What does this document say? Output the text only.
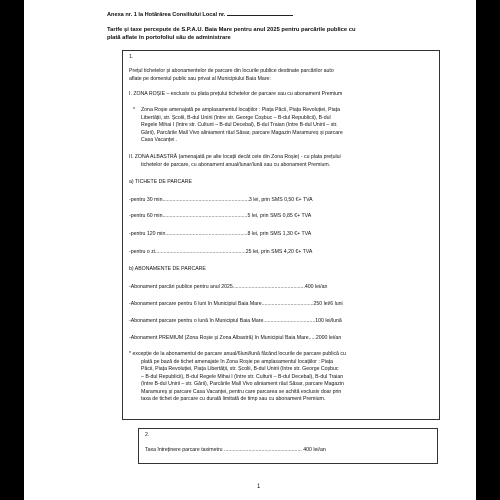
Anexa nr. 1 la Hotărârea Consiliului Local nr.
Tarife și taxe percepute de S.P.A.U. Baia Mare pentru anul 2025 pentru parcările publice cu
plată aflate în portofoliul său de administrare
1.
Prețul tichetelor și abonamentelor de parcare din locurile publice destinate parcărilor auto
aflate pe domeniul public sau privat al Municipiului Baia Mare:
I. ZONA ROȘIE – exclusiv cu plata prețului tichetelor de parcare sau cu abonament Premium
* Zona Roșie amenajată pe amplasamentul locațiilor : Piața Păcii, Piața Revoluției, Piața
Libertății, str. Școlii, B-dul Unirii (între str. George Coșbuc – B-dul Republicii), B-dul
Regele Mihai I (între str. Culturii – B-dul Decebal), B-dul Traian (între B-dul Unirii – str.
Gării), Parcările Mall Vivo aliniament râul Săsar, parcare Magazin Maramureș și parcare
Casa Vacanței .
II. ZONA ALBASTRĂ (amenajată pe alte locații decât cele din Zona Roșie) - cu plata prețului
tichetelor de parcare, cu abonament anual/lunar/lună sau cu abonament Premium.
a) TICHETE DE PARCARE
-pentru 30 min............................................................3 lei, prin SMS 0,50 €+ TVA
-pentru 60 min...........................................................5 lei, prin SMS 0,85 €+ TVA
-pentru 120 min.........................................................8 lei, prin SMS 1,30 €+ TVA
-pentru o zi...............................................................25 lei, prin SMS 4,20 €+ TVA
b) ABONAMENTE DE PARCARE
-Abonament parcări publice pentru anul 2025..................................................400 lei/an
-Abonament parcare pentru 6 luni în Municipiul Baia Mare....................................250 lei/6 luni
-Abonament parcare pentru o lună în Municipiul Baia Mare....................................100 lei/lună
-Abonament PREMIUM (Zona Roșie și Zona Albastră) în Municipiul Baia Mare.....2000 lei/an
* excepție de la abonamentul de parcare anual/6luni/lună făcând locurile de parcare publică cu
plată pe bază de tichet amenajate în Zona Roșie pe amplasamentul locațiilor : Piața
Păcii, Piața Revoluției, Piața Libertății, str. Școlii, B-dul Unirii (între str. George Coșbuc
– B-dul Republicii), B-dul Regele Mihai I (între str. Culturii – B-dul Decebal), B-dul Traian
(între B-dul Unirii – str. Gării), Parcările Mall Vivo aliniament râul Săsar, parcare Magazin
Maramureș și parcare Casa Vacanței, pentru care parcarea se achită exclusiv doar prin
taxa de tichet de parcare cu durată limitată de timp sau cu abonament Premium.
2.
Taxa întreținere parcare taximetru ...................................................... 400 lei/an
1
